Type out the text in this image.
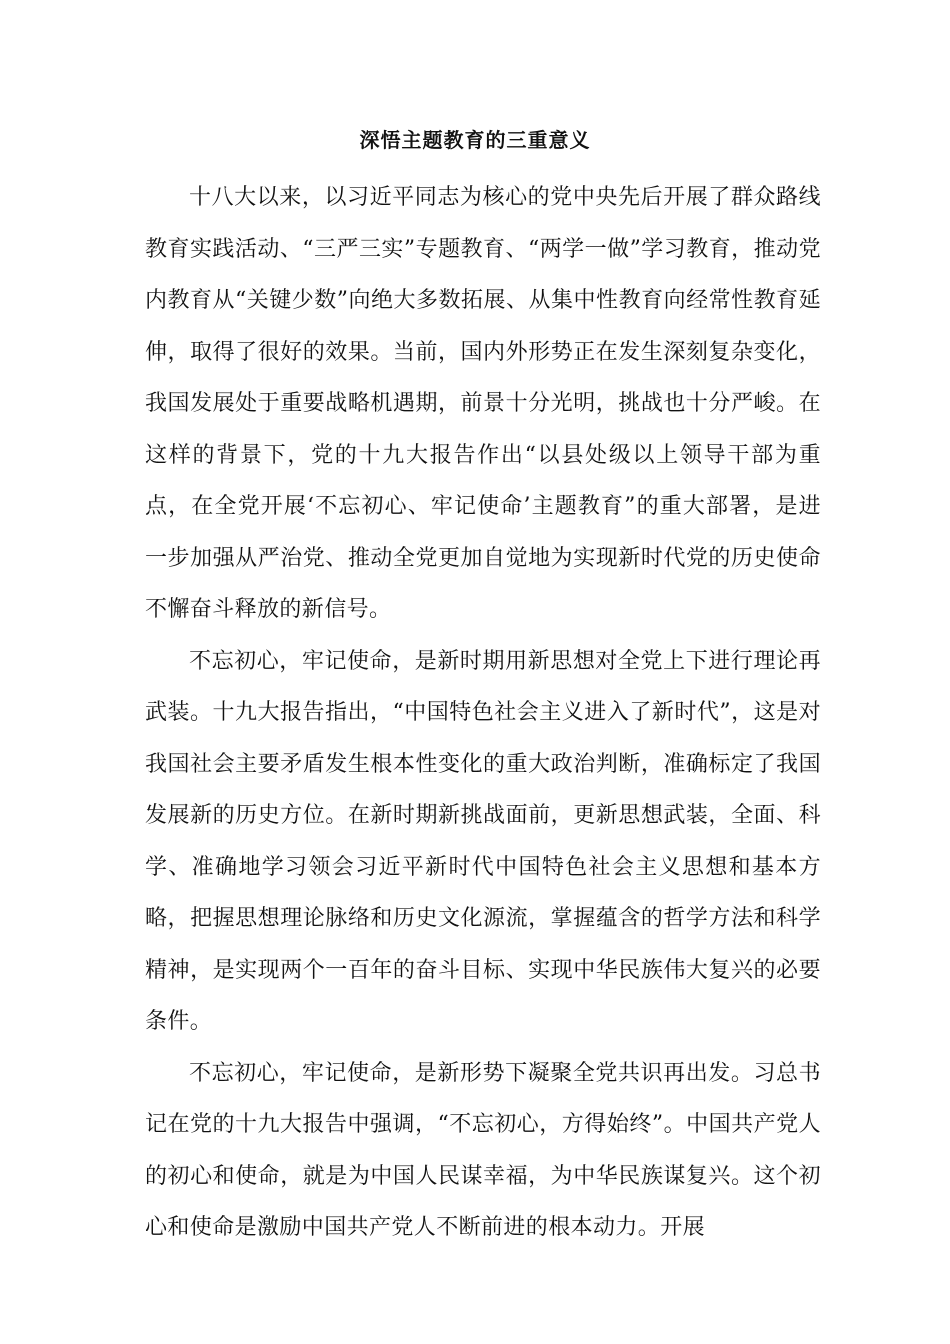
深悟主题教育的三重意义

十八大以来，以习近平同志为核心的党中央先后开展了群众路线教育实践活动、“三严三实”专题教育、“两学一做”学习教育，推动党内教育从“关键少数”向绝大多数拓展、从集中性教育向经常性教育延伸，取得了很好的效果。当前，国内外形势正在发生深刻复杂变化，我国发展处于重要战略机遇期，前景十分光明，挑战也十分严峻。在这样的背景下，党的十九大报告作出“以县处级以上领导干部为重点，在全党开展‘不忘初心、牢记使命’主题教育”的重大部署，是进一步加强从严治党、推动全党更加自觉地为实现新时代党的历史使命不懈奋斗释放的新信号。

不忘初心，牢记使命，是新时期用新思想对全党上下进行理论再武装。十九大报告指出，“中国特色社会主义进入了新时代”，这是对我国社会主要矛盾发生根本性变化的重大政治判断，准确标定了我国发展新的历史方位。在新时期新挑战面前，更新思想武装，全面、科学、准确地学习领会习近平新时代中国特色社会主义思想和基本方略，把握思想理论脉络和历史文化源流，掌握蕴含的哲学方法和科学精神，是实现两个一百年的奋斗目标、实现中华民族伟大复兴的必要条件。

不忘初心，牢记使命，是新形势下凝聚全党共识再出发。习总书记在党的十九大报告中强调，“不忘初心，方得始终”。中国共产党人的初心和使命，就是为中国人民谋幸福，为中华民族谋复兴。这个初心和使命是激励中国共产党人不断前进的根本动力。开展
